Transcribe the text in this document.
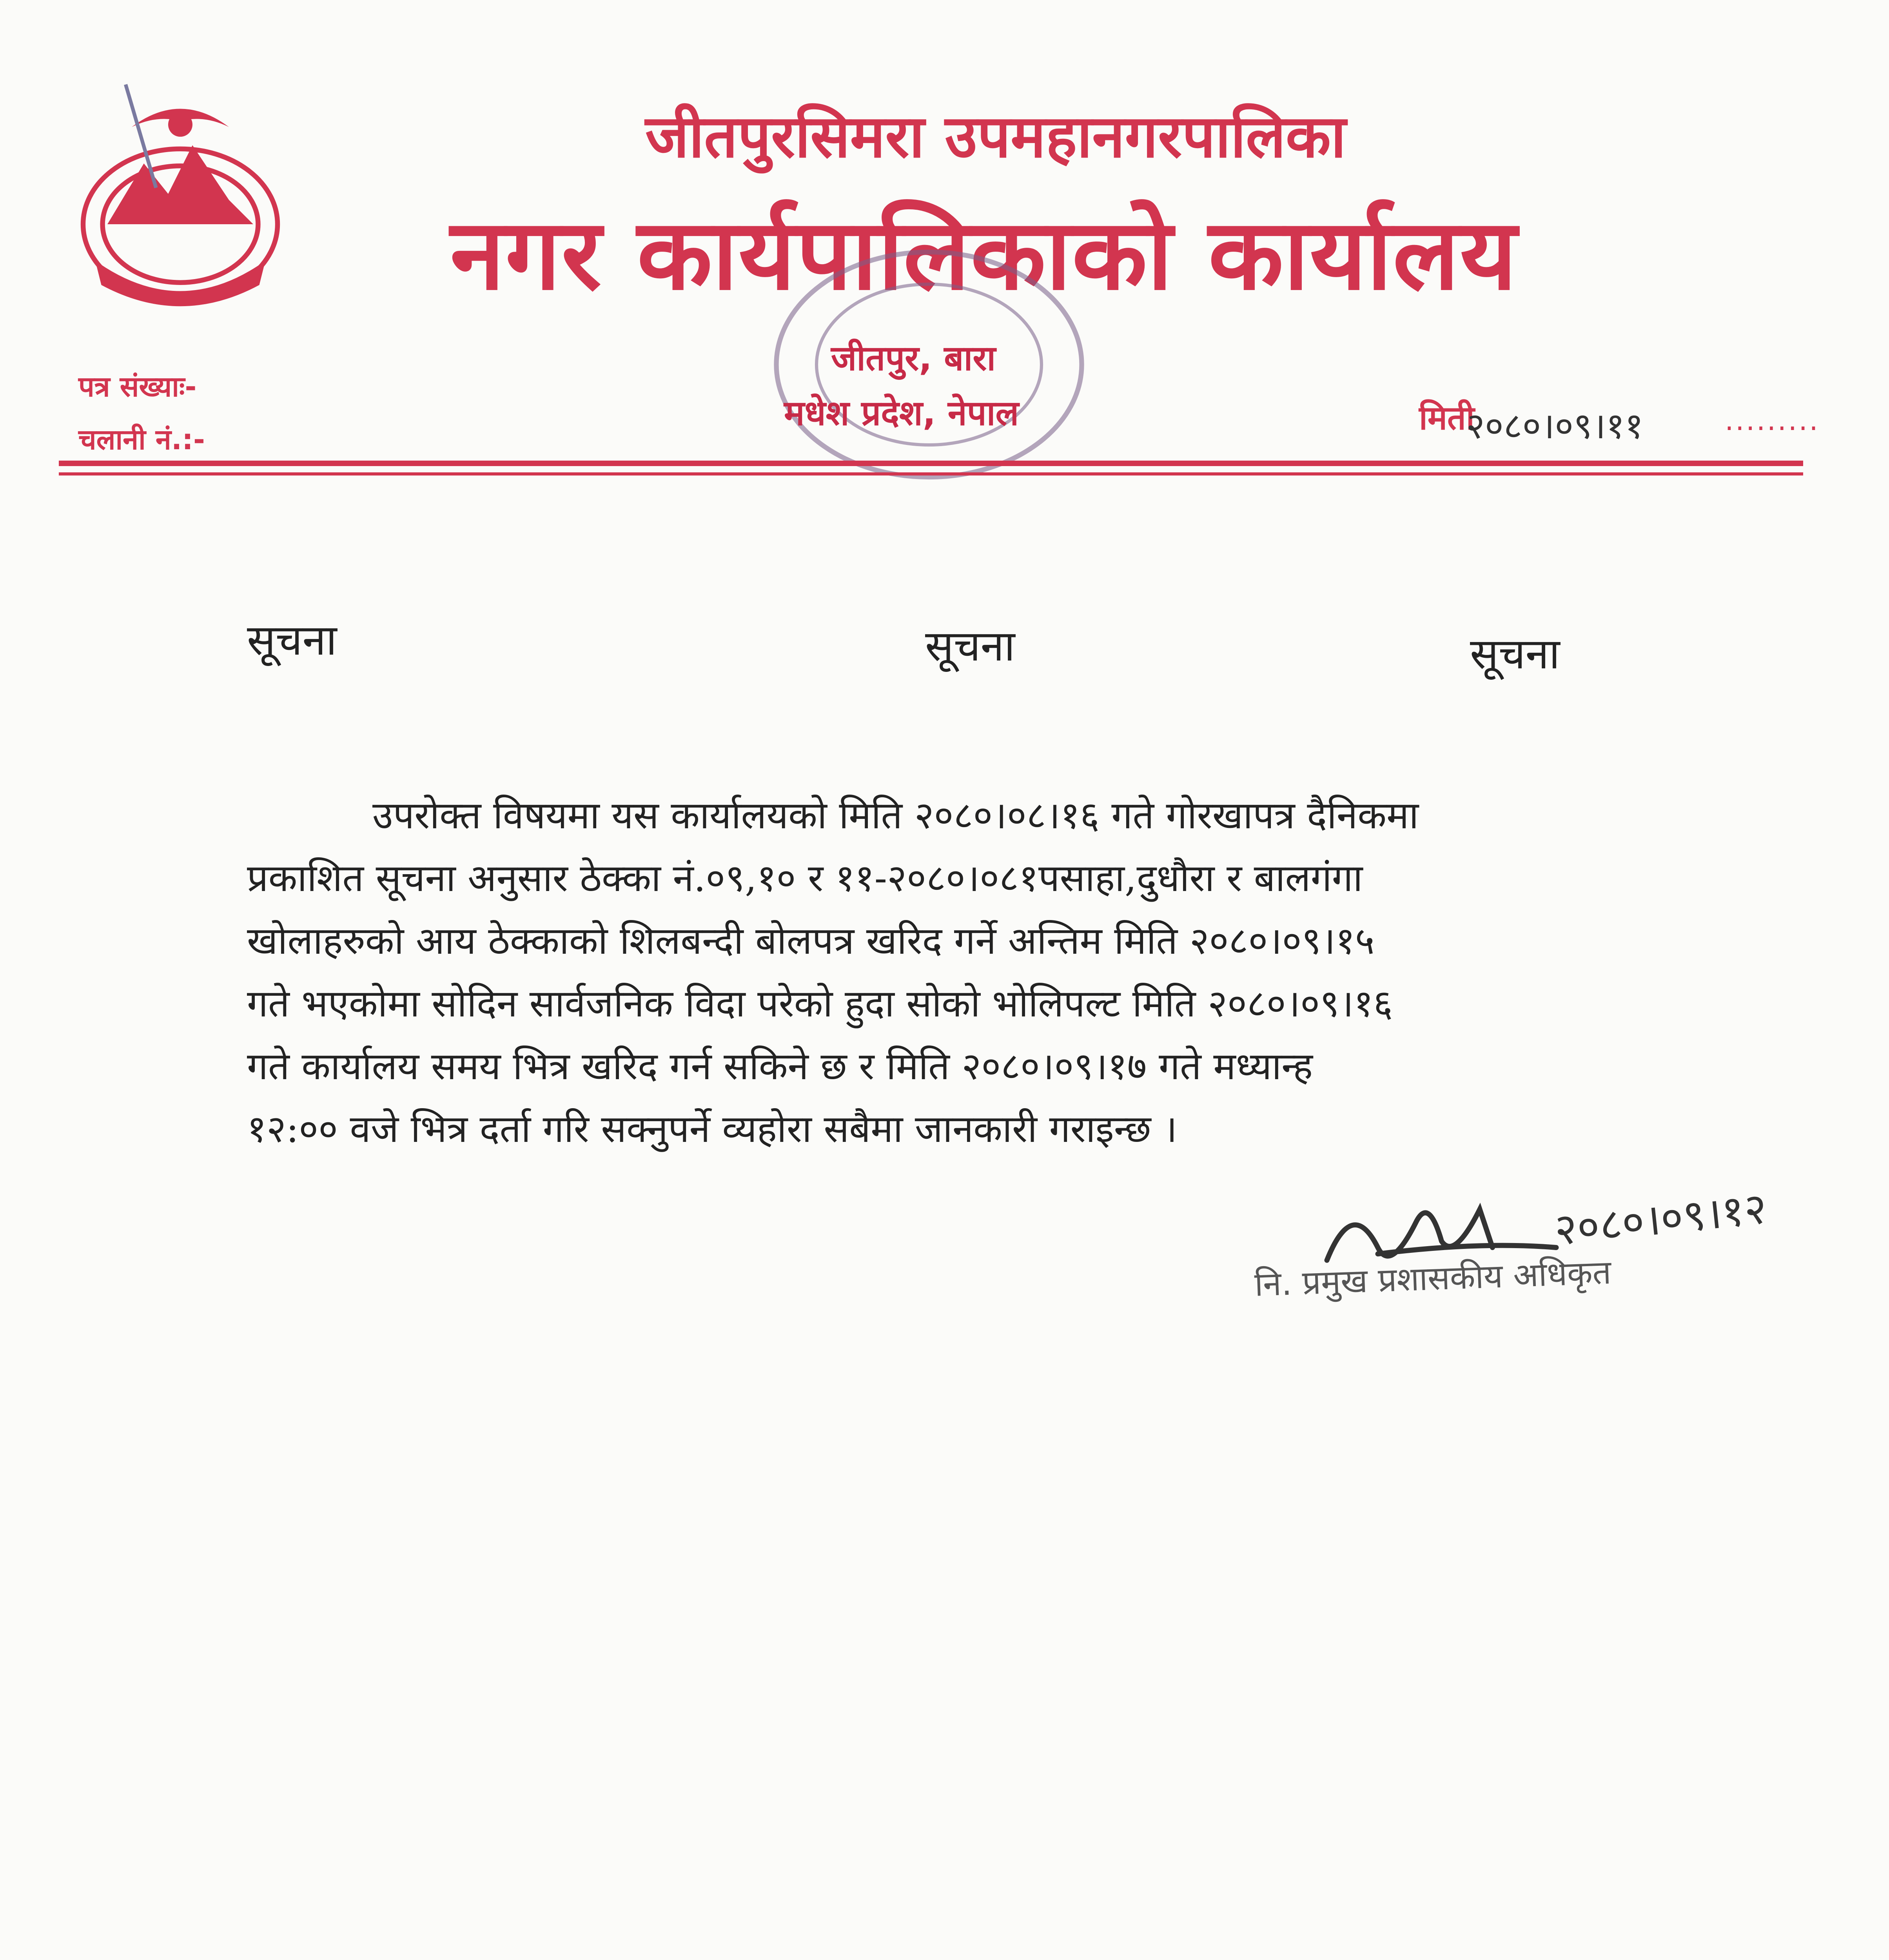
जीतपुरसिमरा उपमहानगरपालिका
नगर कार्यपालिकाको कार्यालय
पत्र संख्याः-
चलानी नं.:-
जीतपुर, बारा
मधेश प्रदेश, नेपाल	मिती
२०८०।०९।११	.........
सूचना	सूचना	सूचना
उपरोक्त विषयमा यस कार्यालयको मिति २०८०।०८।१६ गते गोरखापत्र दैनिकमा
प्रकाशित सूचना अनुसार ठेक्का नं.०९,१० र ११-२०८०।०८१पसाहा,दुधौरा र बालगंगा
खोलाहरुको आय ठेक्काको शिलबन्दी बोलपत्र खरिद गर्ने अन्तिम मिति २०८०।०९।१५
गते भएकोमा सोदिन सार्वजनिक विदा परेको हुदा सोको भोलिपल्ट मिति २०८०।०९।१६
गते कार्यालय समय भित्र खरिद गर्न सकिने छ र मिति २०८०।०९।१७ गते मध्यान्ह
१२:०० वजे भित्र दर्ता गरि सक्नुपर्ने व्यहोरा सबैमा जानकारी गराइन्छ ।
२०८०।०९।१२
नि. प्रमुख प्रशासकीय अधिकृत
